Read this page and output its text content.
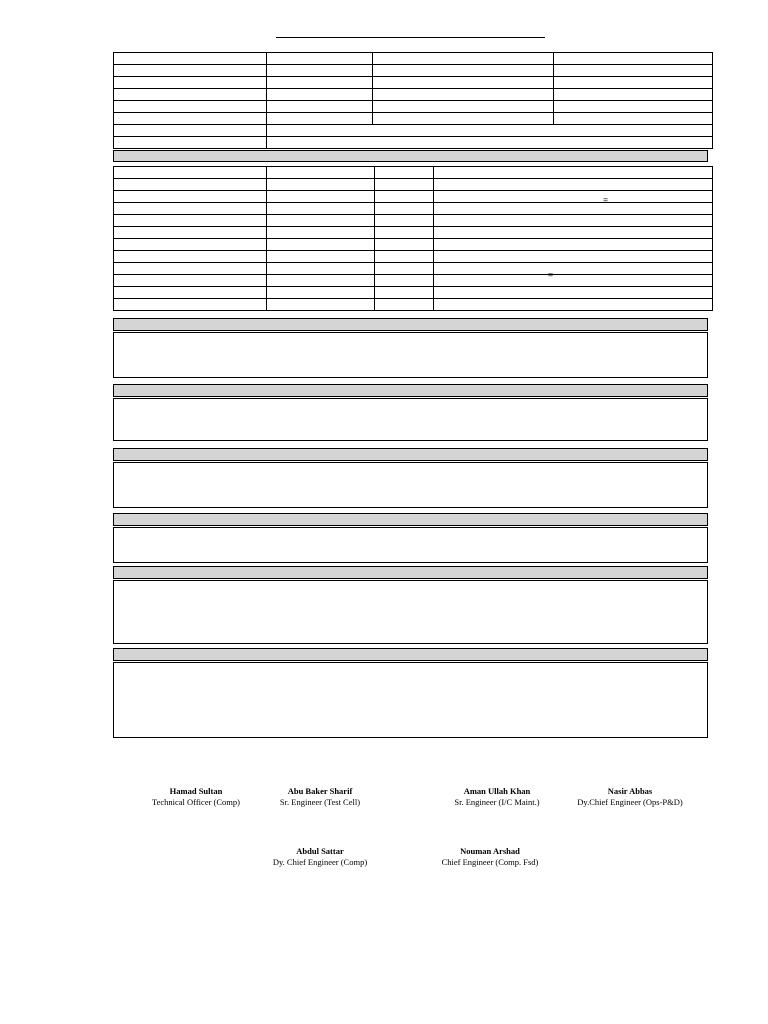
=
=
Hamad Sultan
Technical Officer (Comp)
Abu Baker Sharif
Sr. Engineer (Test Cell)
Aman Ullah Khan
Sr. Engineer (I/C Maint.)
Nasir Abbas
Dy.Chief Engineer (Ops-P&D)
Abdul Sattar
Dy. Chief Engineer (Comp)
Nouman Arshad
Chief Engineer (Comp. Fsd)
